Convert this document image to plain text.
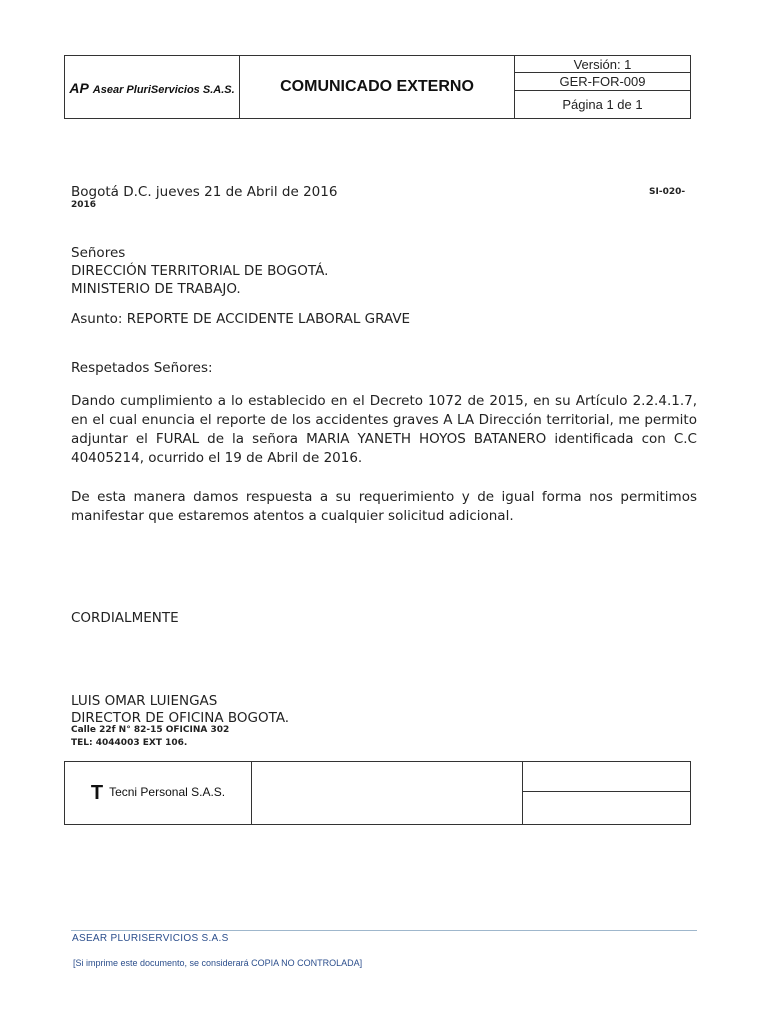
AP Asear PluriServicios S.A.S.	COMUNICADO EXTERNO	Versión: 1
GER-FOR-009
Página 1 de 1
Bogotá D.C. jueves 21 de Abril de 2016	SI-020-
2016
Señores
DIRECCIÓN TERRITORIAL DE BOGOTÁ.
MINISTERIO DE TRABAJO.
Asunto: REPORTE DE ACCIDENTE LABORAL GRAVE
Respetados Señores:
Dando cumplimiento a lo establecido en el Decreto 1072 de 2015, en su Artículo 2.2.4.1.7, en el cual enuncia el reporte de los accidentes graves A LA Dirección territorial, me permito adjuntar el FURAL de la señora MARIA YANETH HOYOS BATANERO identificada con C.C 40405214, ocurrido el 19 de Abril de 2016.
De esta manera damos respuesta a su requerimiento y de igual forma nos permitimos manifestar que estaremos atentos a cualquier solicitud adicional.
CORDIALMENTE
LUIS OMAR LUIENGAS
DIRECTOR DE OFICINA BOGOTA.
Calle 22f N° 82-15 OFICINA 302
TEL: 4044003 EXT 106.
T Tecni Personal S.A.S.		

ASEAR PLURISERVICIOS S.A.S
[Si imprime este documento, se considerará COPIA NO CONTROLADA]
